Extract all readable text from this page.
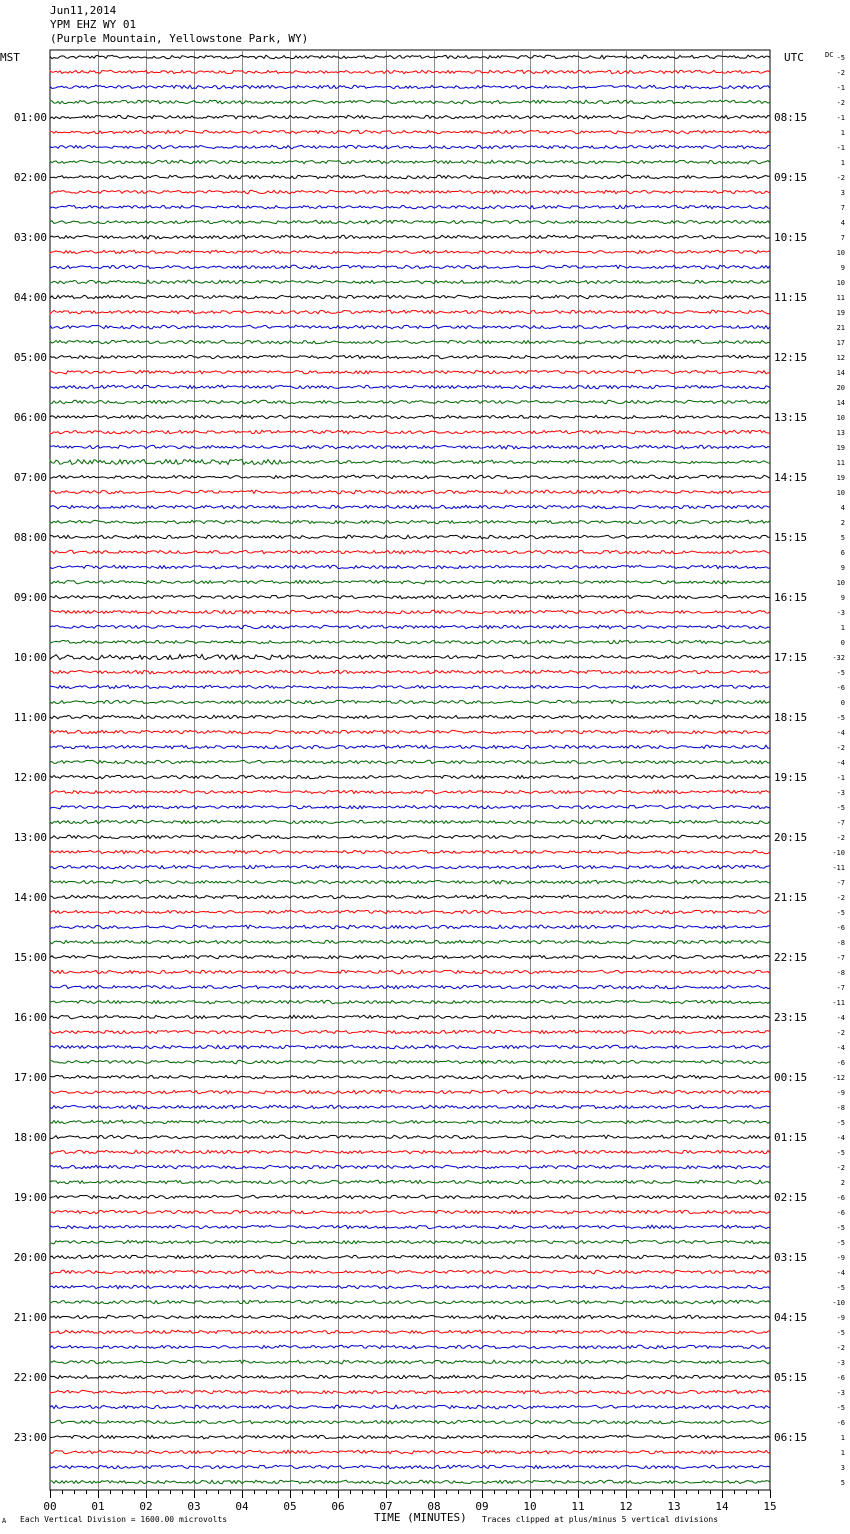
Jun11,2014
YPM EHZ WY 01
(Purple Mountain, Yellowstone Park, WY)
MST	UTC	DC -5
-2
-1
-2
-1
01:00	08:15
1
-1
1
-2
02:00	09:15
3
7
4
7
03:00	10:15
10
9
10
11
04:00	11:15
19
21
17
12
05:00	12:15
14
20
14
10
06:00	13:15
13
19
11
19
07:00	14:15
10
4
2
5
08:00	15:15
6
9
10
9
09:00	16:15
-3
1
0
-32
10:00	17:15
-5
-6
0
-5
11:00	18:15
-4
-2
-4
-1
12:00	19:15
-3
-5
-7
-2
13:00	20:15
-10
-11
-7
-2
14:00	21:15
-5
-6
-8
-7
15:00	22:15
-8
-7
-11
-4
16:00	23:15
-2
-4
-6
-12
17:00	00:15
-9
-8
-5
-4
18:00	01:15
-5
-2
2
-6
19:00	02:15
-6
-5
-5
-9
20:00	03:15
-4
-5
-10
-9
21:00	04:15
-5
-2
-3
-6
22:00	05:15
-3
-5
-6
1
23:00	06:15
1
3
5
00	01	02	03	04	05	06	07	08	09	10	11	12	13	14	15
A Each Vertical Division = 1600.00 microvolts	TIME (MINUTES) Traces clipped at plus/minus 5 vertical divisions
